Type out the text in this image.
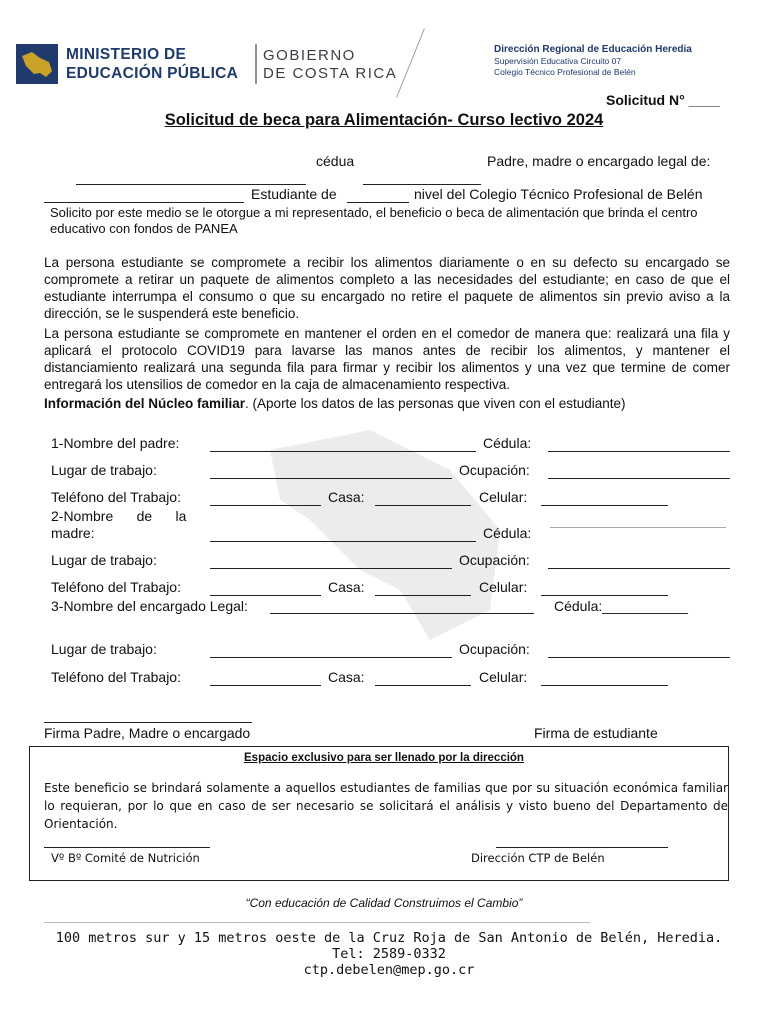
MINISTERIO DE
EDUCACIÓN PÚBLICA
GOBIERNO
DE COSTA RICA
Dirección Regional de Educación Heredia
Supervisión Educativa Circuito 07
Colegio Técnico Profesional de Belén
Solicitud N° ____
Solicitud de beca para Alimentación- Curso lectivo 2024
cédua	Padre, madre o encargado legal de:
Estudiante de	nivel del Colegio Técnico Profesional de Belén
Solicito por este medio se le otorgue a mi representado, el beneficio o beca de alimentación que brinda el centro educativo con fondos de PANEA
La persona estudiante se compromete a recibir los alimentos diariamente o en su defecto su encargado se compromete a retirar un paquete de alimentos completo a las necesidades del estudiante; en caso de que el estudiante interrumpa el consumo o que su encargado no retire el paquete de alimentos sin previo aviso a la dirección, se le suspenderá este beneficio.
La persona estudiante se compromete en mantener el orden en el comedor de manera que: realizará una fila y aplicará el protocolo COVID19 para lavarse las manos antes de recibir los alimentos, y mantener el distanciamiento realizará una segunda fila para firmar y recibir los alimentos y una vez que termine de comer entregará los utensilios de comedor en la caja de almacenamiento respectiva.
Información del Núcleo familiar. (Aporte los datos de las personas que viven con el estudiante)
1-Nombre del padre:	Cédula:
Lugar de trabajo:	Ocupación:
Teléfono del Trabajo:	Casa:	Celular:
2-Nombre      de      la
madre:	Cédula:
Lugar de trabajo:	Ocupación:
Teléfono del Trabajo:	Casa:	Celular:
3-Nombre del encargado Legal:	Cédula:___________
Lugar de trabajo:	Ocupación:
Teléfono del Trabajo:	Casa:	Celular:
Firma Padre, Madre o encargado	Firma de estudiante
Espacio exclusivo para ser llenado por la dirección
Este beneficio se brindará solamente a aquellos estudiantes de familias que por su situación económica familiar lo requieran, por lo que en caso de ser necesario se solicitará el análisis y visto bueno del Departamento de Orientación.
Vº Bº Comité de Nutrición	Dirección CTP de Belén
“Con educación de Calidad Construimos el Cambio”
100 metros sur y 15 metros oeste de la Cruz Roja de San Antonio de Belén, Heredia. Tel: 2589-0332
ctp.debelen@mep.go.cr
